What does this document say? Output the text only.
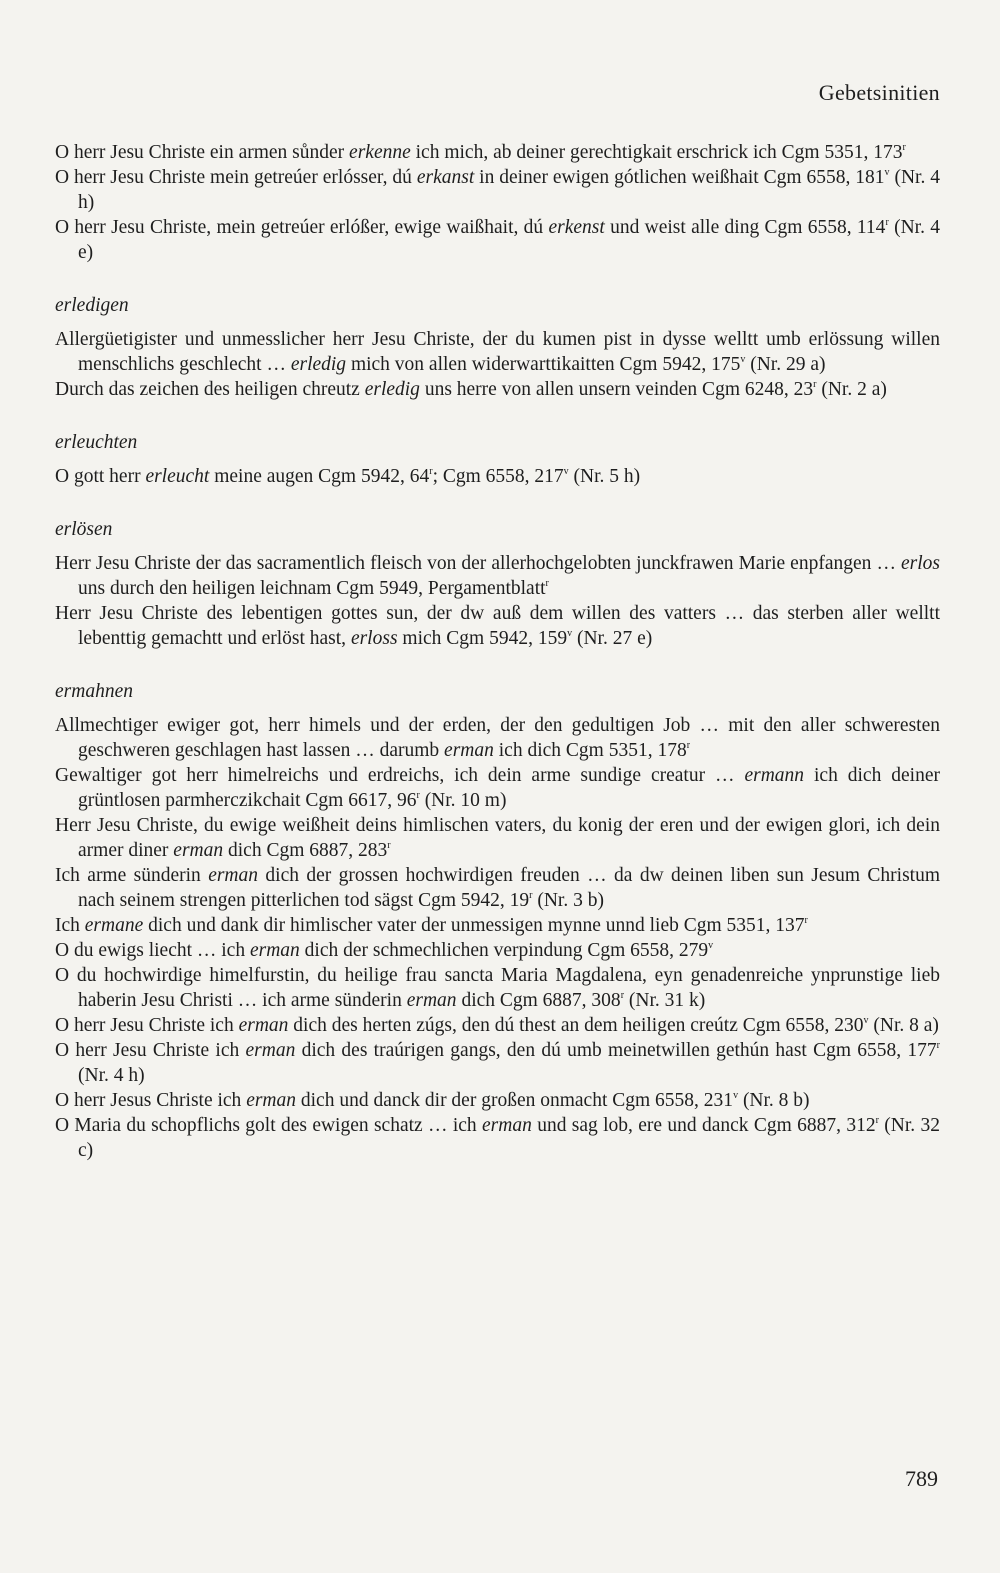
Gebetsinitien

O herr Jesu Christe ein armen sůnder erkenne ich mich, ab deiner gerechtigkait erschrick ich Cgm 5351, 173$^r$

O herr Jesu Christe mein getreúer erlósser, dú erkanst in deiner ewigen gótlichen weißhait Cgm 6558, 181$^v$ (Nr. 4 h)

O herr Jesu Christe, mein getreúer erlóßer, ewige waißhait, dú erkenst und weist alle ding Cgm 6558, 114$^r$ (Nr. 4 e)

erledigen

Allergüetigister und unmesslicher herr Jesu Christe, der du kumen pist in dysse welltt umb erlössung willen menschlichs geschlecht … erledig mich von allen widerwarttikaitten Cgm 5942, 175$^v$ (Nr. 29 a)

Durch das zeichen des heiligen chreutz erledig uns herre von allen unsern veinden Cgm 6248, 23$^r$ (Nr. 2 a)

erleuchten

O gott herr erleucht meine augen Cgm 5942, 64$^r$; Cgm 6558, 217$^v$ (Nr. 5 h)

erlösen

Herr Jesu Christe der das sacramentlich fleisch von der allerhochgelobten junckfrawen Marie enpfangen … erlos uns durch den heiligen leichnam Cgm 5949, Pergamentblatt$^r$

Herr Jesu Christe des lebentigen gottes sun, der dw auß dem willen des vatters … das sterben aller welltt lebenttig gemachtt und erlöst hast, erloss mich Cgm 5942, 159$^v$ (Nr. 27 e)

ermahnen

Allmechtiger ewiger got, herr himels und der erden, der den gedultigen Job … mit den aller schweresten geschweren geschlagen hast lassen … darumb erman ich dich Cgm 5351, 178$^r$

Gewaltiger got herr himelreichs und erdreichs, ich dein arme sundige creatur … ermann ich dich deiner grüntlosen parmherczikchait Cgm 6617, 96$^r$ (Nr. 10 m)

Herr Jesu Christe, du ewige weißheit deins himlischen vaters, du konig der eren und der ewigen glori, ich dein armer diner erman dich Cgm 6887, 283$^r$

Ich arme sünderin erman dich der grossen hochwirdigen freuden … da dw deinen liben sun Jesum Christum nach seinem strengen pitterlichen tod sägst Cgm 5942, 19$^r$ (Nr. 3 b)

Ich ermane dich und dank dir himlischer vater der unmessigen mynne unnd lieb Cgm 5351, 137$^r$

O du ewigs liecht … ich erman dich der schmechlichen verpindung Cgm 6558, 279$^v$

O du hochwirdige himelfurstin, du heilige frau sancta Maria Magdalena, eyn genadenreiche ynprunstige lieb haberin Jesu Christi … ich arme sünderin erman dich Cgm 6887, 308$^r$ (Nr. 31 k)

O herr Jesu Christe ich erman dich des herten zúgs, den dú thest an dem heiligen creútz Cgm 6558, 230$^v$ (Nr. 8 a)

O herr Jesu Christe ich erman dich des traúrigen gangs, den dú umb meinetwillen gethún hast Cgm 6558, 177$^r$ (Nr. 4 h)

O herr Jesus Christe ich erman dich und danck dir der großen onmacht Cgm 6558, 231$^v$ (Nr. 8 b)

O Maria du schopflichs golt des ewigen schatz … ich erman und sag lob, ere und danck Cgm 6887, 312$^r$ (Nr. 32 c)

789
